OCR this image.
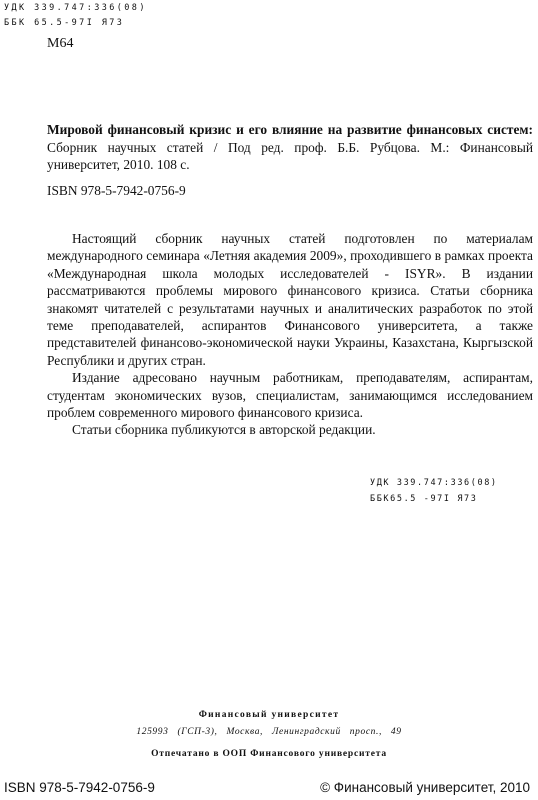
УДК 339.747:336(08)
ББК 65.5-97І Я73
М64
Мировой финансовый кризис и его влияние на развитие финансовых систем: Сборник научных статей / Под ред. проф. Б.Б. Рубцова. М.: Финансовый университет, 2010. 108 с.
ISBN 978-5-7942-0756-9

Настоящий сборник научных статей подготовлен по материалам международного семинара «Летняя академия 2009», проходившего в рамках проекта «Международная школа молодых исследователей - ISYR». В издании рассматриваются проблемы мирового финансового кризиса. Статьи сборника знакомят читателей с результатами научных и аналитических разработок по этой теме преподавателей, аспирантов Финансового университета, а также представителей финансово-экономической науки Украины, Казахстана, Кыргызской Республики и других стран.

Издание адресовано научным работникам, преподавателям, аспирантам, студентам экономических вузов, специалистам, занимающимся исследованием проблем современного мирового финансового кризиса.

Статьи сборника публикуются в авторской редакции.

УДК 339.747:336(08)
ББК65.5 -97І Я73
Финансовый университет
125993 (ГСП-3), Москва, Ленинградский просп., 49
Отпечатано в ООП Финансового университета
ISBN 978-5-7942-0756-9	© Финансовый университет, 2010
